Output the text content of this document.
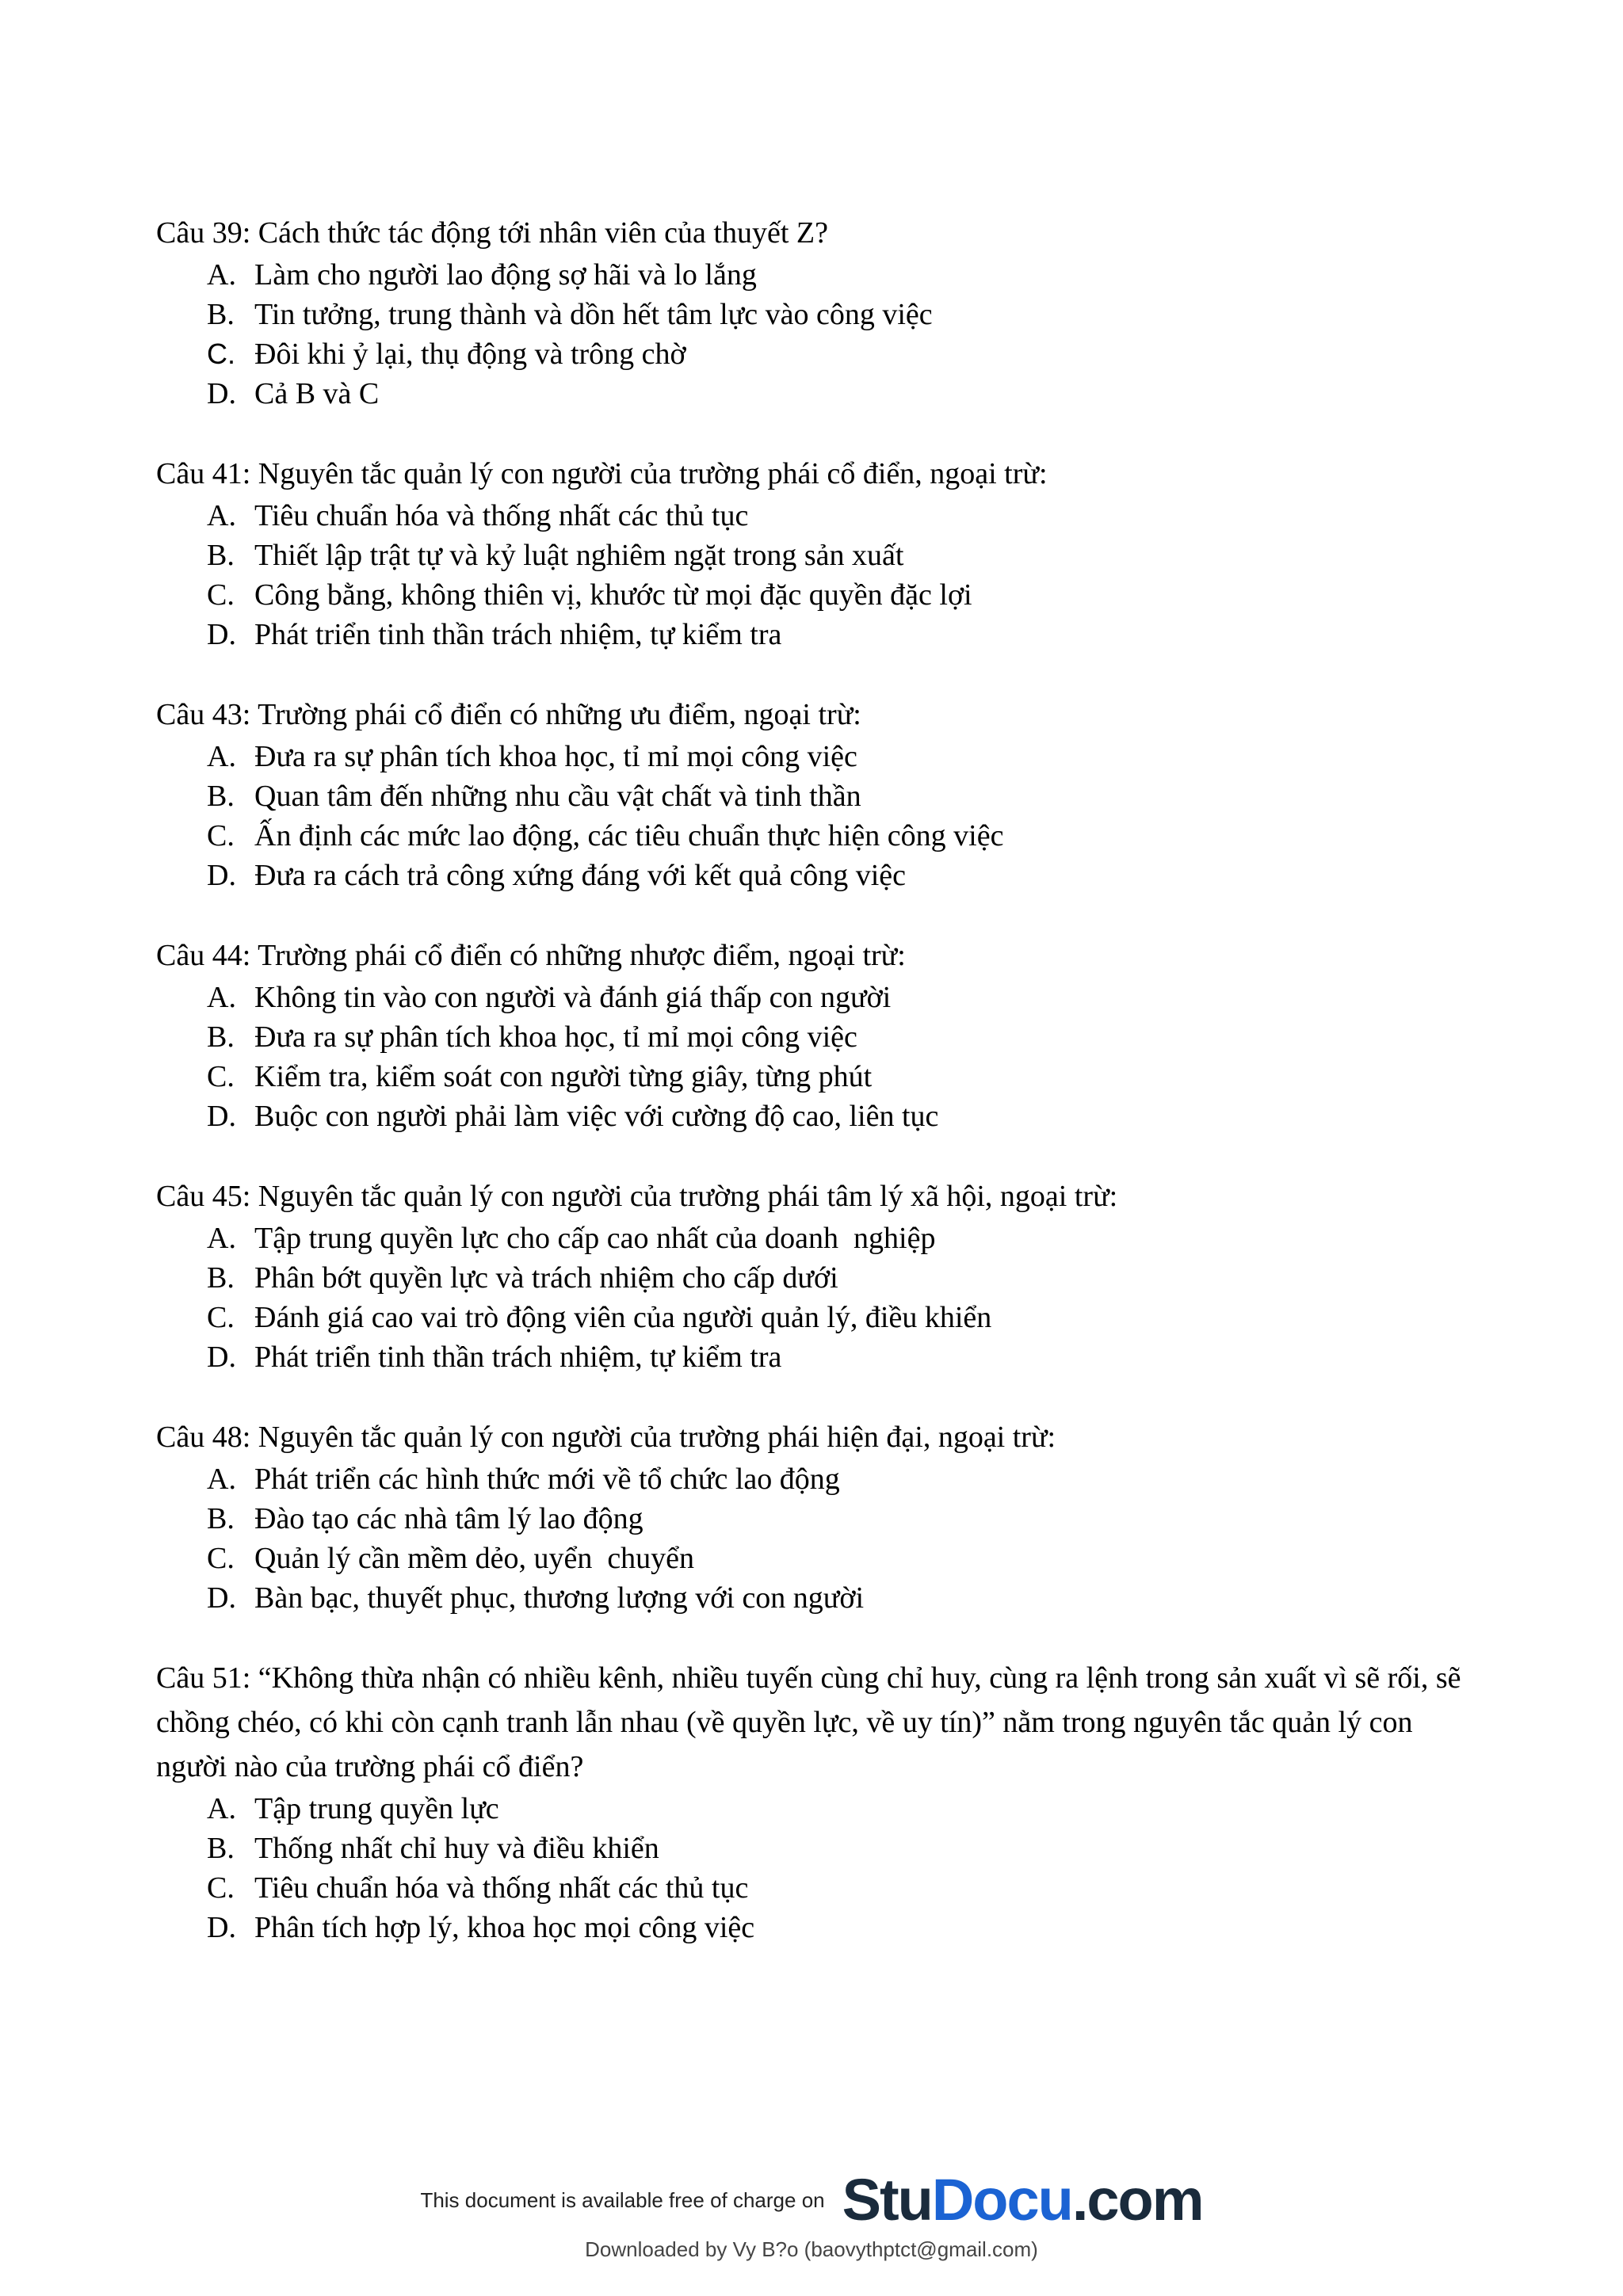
Câu 39: Cách thức tác động tới nhân viên của thuyết Z?

A. Làm cho người lao động sợ hãi và lo lắng
B. Tin tưởng, trung thành và dồn hết tâm lực vào công việc
C. Đôi khi ỷ lại, thụ động và trông chờ
D. Cả B và C

Câu 41: Nguyên tắc quản lý con người của trường phái cổ điển, ngoại trừ:

A. Tiêu chuẩn hóa và thống nhất các thủ tục
B. Thiết lập trật tự và kỷ luật nghiêm ngặt trong sản xuất
C. Công bằng, không thiên vị, khước từ mọi đặc quyền đặc lợi
D. Phát triển tinh thần trách nhiệm, tự kiểm tra

Câu 43: Trường phái cổ điển có những ưu điểm, ngoại trừ:

A. Đưa ra sự phân tích khoa học, tỉ mỉ mọi công việc
B. Quan tâm đến những nhu cầu vật chất và tinh thần
C. Ấn định các mức lao động, các tiêu chuẩn thực hiện công việc
D. Đưa ra cách trả công xứng đáng với kết quả công việc

Câu 44: Trường phái cổ điển có những nhược điểm, ngoại trừ:

A. Không tin vào con người và đánh giá thấp con người
B. Đưa ra sự phân tích khoa học, tỉ mỉ mọi công việc
C. Kiểm tra, kiểm soát con người từng giây, từng phút
D. Buộc con người phải làm việc với cường độ cao, liên tục

Câu 45: Nguyên tắc quản lý con người của trường phái tâm lý xã hội, ngoại trừ:

A. Tập trung quyền lực cho cấp cao nhất của doanh  nghiệp
B. Phân bớt quyền lực và trách nhiệm cho cấp dưới
C. Đánh giá cao vai trò động viên của người quản lý, điều khiển
D. Phát triển tinh thần trách nhiệm, tự kiểm tra

Câu 48: Nguyên tắc quản lý con người của trường phái hiện đại, ngoại trừ:

A. Phát triển các hình thức mới về tổ chức lao động
B. Đào tạo các nhà tâm lý lao động
C. Quản lý cần mềm dẻo, uyển  chuyển
D. Bàn bạc, thuyết phục, thương lượng với con người

Câu 51: “Không thừa nhận có nhiều kênh, nhiều tuyến cùng chỉ huy, cùng ra lệnh trong sản xuất vì sẽ rối, sẽ chồng chéo, có khi còn cạnh tranh lẫn nhau (về quyền lực, về uy tín)” nằm trong nguyên tắc quản lý con người nào của trường phái cổ điển?

A. Tập trung quyền lực
B. Thống nhất chỉ huy và điều khiển
C. Tiêu chuẩn hóa và thống nhất các thủ tục
D. Phân tích hợp lý, khoa học mọi công việc
This document is available free of charge on StuDocu.com
Downloaded by Vy B?o (baovythptct@gmail.com)
